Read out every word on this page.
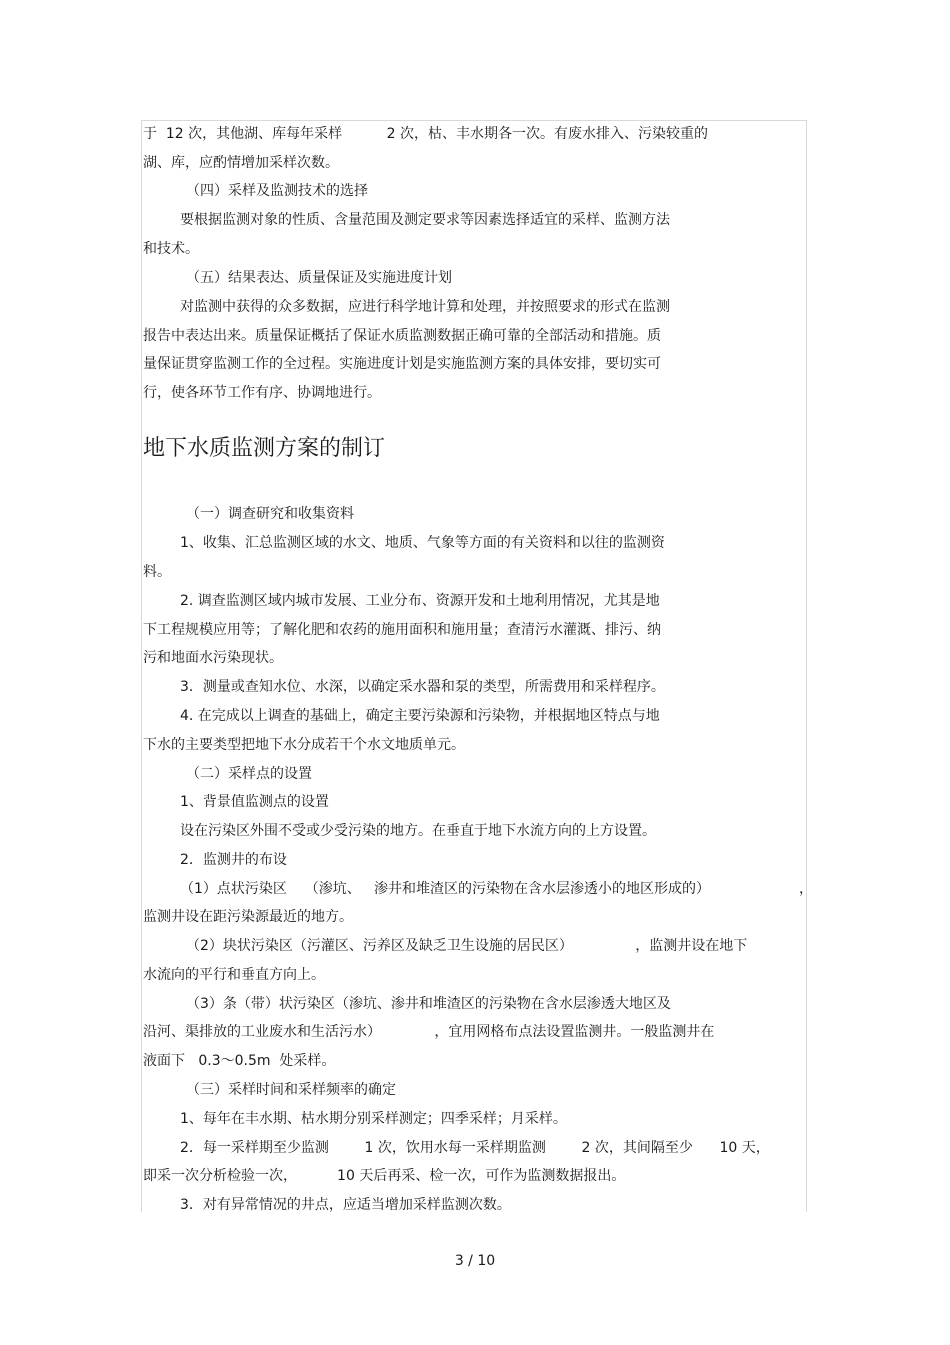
于  12 次，其他湖、库每年采样          2 次，枯、丰水期各一次。有废水排入、污染较重的

湖、库，应酌情增加采样次数。

（四）采样及监测技术的选择

要根据监测对象的性质、含量范围及测定要求等因素选择适宜的采样、监测方法

和技术。

（五）结果表达、质量保证及实施进度计划

对监测中获得的众多数据，应进行科学地计算和处理，并按照要求的形式在监测

报告中表达出来。质量保证概括了保证水质监测数据正确可靠的全部活动和措施。质

量保证贯穿监测工作的全过程。实施进度计划是实施监测方案的具体安排，要切实可

行，使各环节工作有序、协调地进行。

地下水质监测方案的制订

（一）调查研究和收集资料

1、收集、汇总监测区域的水文、地质、气象等方面的有关资料和以往的监测资

料。

2. 调查监测区域内城市发展、工业分布、资源开发和土地利用情况，尤其是地

下工程规模应用等；了解化肥和农药的施用面积和施用量；查清污水灌溉、排污、纳

污和地面水污染现状。

3．测量或查知水位、水深，以确定采水器和泵的类型，所需费用和采样程序。

4. 在完成以上调查的基础上，确定主要污染源和污染物，并根据地区特点与地

下水的主要类型把地下水分成若干个水文地质单元。

（二）采样点的设置

1、背景值监测点的设置

设在污染区外围不受或少受污染的地方。在垂直于地下水流方向的上方设置。

2．监测井的布设

（1）点状污染区    （渗坑、   渗井和堆渣区的污染物在含水层渗透小的地区形成的）                    ，

监测井设在距污染源最近的地方。

（2）块状污染区（污灌区、污养区及缺乏卫生设施的居民区）              ，监测井设在地下

水流向的平行和垂直方向上。

（3）条（带）状污染区（渗坑、渗井和堆渣区的污染物在含水层渗透大地区及

沿河、渠排放的工业废水和生活污水）            ，宜用网格布点法设置监测井。一般监测井在

液面下   0.3～0.5m  处采样。

（三）采样时间和采样频率的确定

1、每年在丰水期、枯水期分别采样测定；四季采样；月采样。

2．每一采样期至少监测        1 次，饮用水每一采样期监测        2 次，其间隔至少      10 天，

即采一次分析检验一次，         10 天后再采、检一次，可作为监测数据报出。

3．对有异常情况的井点，应适当增加采样监测次数。

3 / 10
